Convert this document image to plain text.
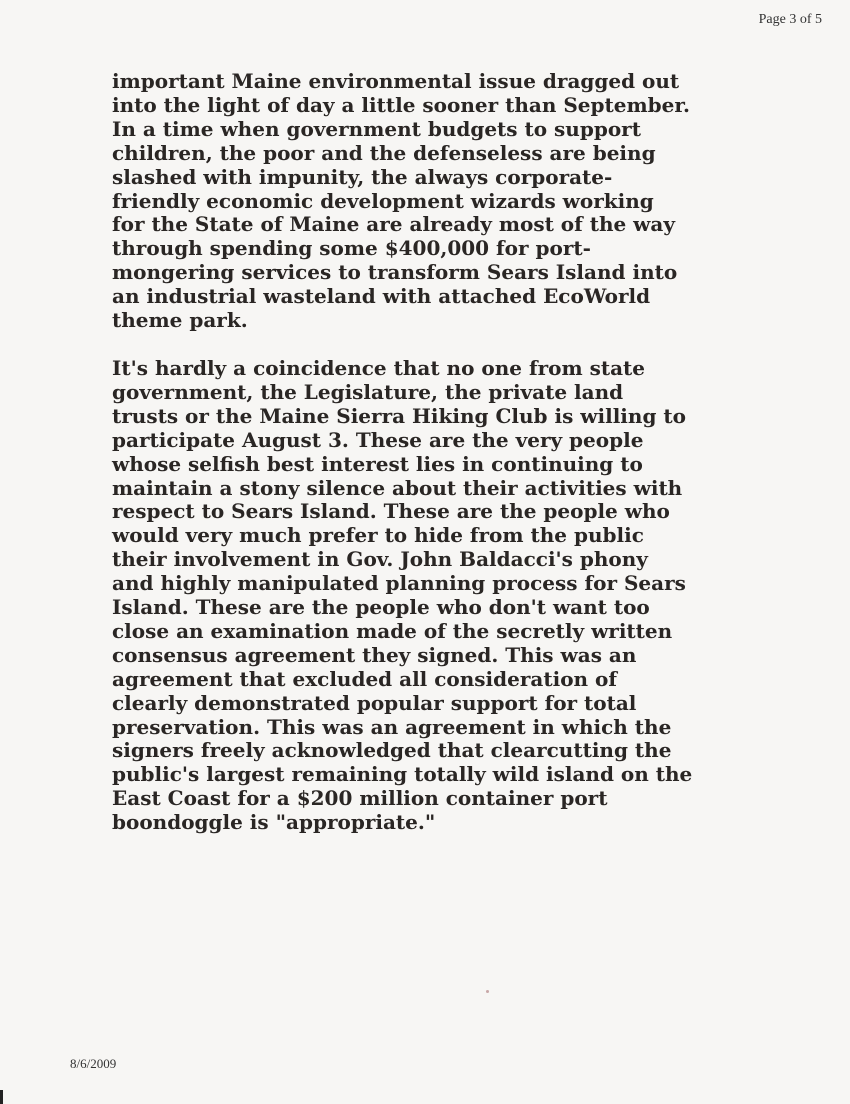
Page 3 of 5

important Maine environmental issue dragged out
into the light of day a little sooner than September.
In a time when government budgets to support
children, the poor and the defenseless are being
slashed with impunity, the always corporate-
friendly economic development wizards working
for the State of Maine are already most of the way
through spending some $400,000 for port-
mongering services to transform Sears Island into
an industrial wasteland with attached EcoWorld
theme park.

It's hardly a coincidence that no one from state
government, the Legislature, the private land
trusts or the Maine Sierra Hiking Club is willing to
participate August 3. These are the very people
whose selfish best interest lies in continuing to
maintain a stony silence about their activities with
respect to Sears Island. These are the people who
would very much prefer to hide from the public
their involvement in Gov. John Baldacci's phony
and highly manipulated planning process for Sears
Island. These are the people who don't want too
close an examination made of the secretly written
consensus agreement they signed. This was an
agreement that excluded all consideration of
clearly demonstrated popular support for total
preservation. This was an agreement in which the
signers freely acknowledged that clearcutting the
public's largest remaining totally wild island on the
East Coast for a $200 million container port
boondoggle is "appropriate."

8/6/2009
